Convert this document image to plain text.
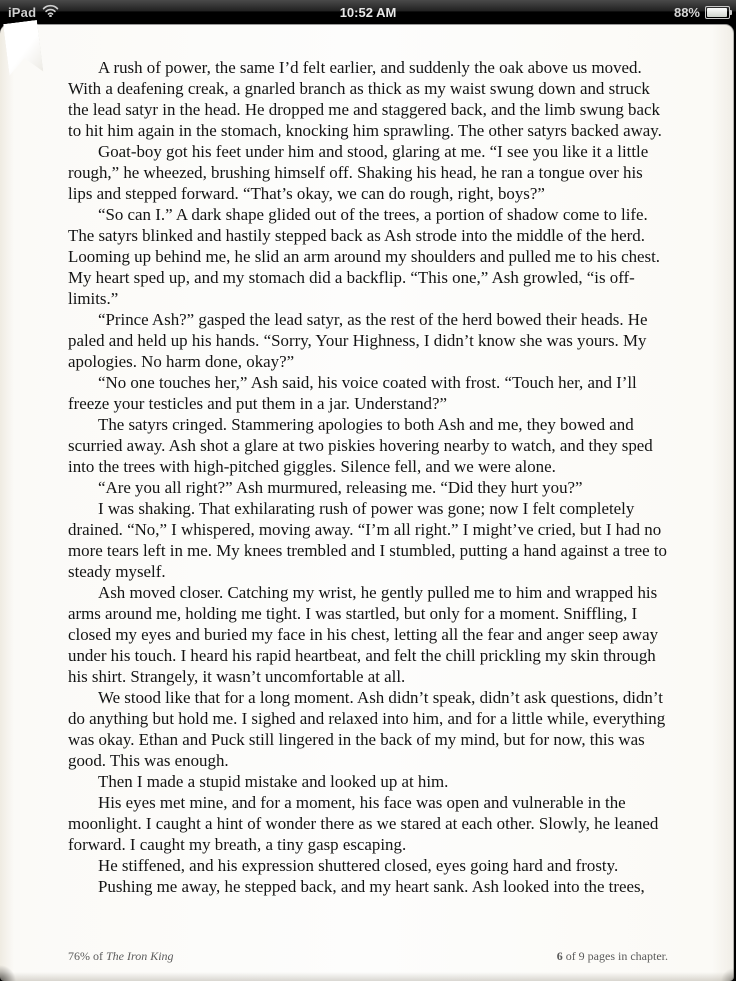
iPad	10:52 AM	88%

A rush of power, the same I’d felt earlier, and suddenly the oak above us moved. With a deafening creak, a gnarled branch as thick as my waist swung down and struck the lead satyr in the head. He dropped me and staggered back, and the limb swung back to hit him again in the stomach, knocking him sprawling. The other satyrs backed away.

Goat-boy got his feet under him and stood, glaring at me. “I see you like it a little rough,” he wheezed, brushing himself off. Shaking his head, he ran a tongue over his lips and stepped forward. “That’s okay, we can do rough, right, boys?”

“So can I.” A dark shape glided out of the trees, a portion of shadow come to life. The satyrs blinked and hastily stepped back as Ash strode into the middle of the herd. Looming up behind me, he slid an arm around my shoulders and pulled me to his chest. My heart sped up, and my stomach did a backflip. “This one,” Ash growled, “is off-limits.”

“Prince Ash?” gasped the lead satyr, as the rest of the herd bowed their heads. He paled and held up his hands. “Sorry, Your Highness, I didn’t know she was yours. My apologies. No harm done, okay?”

“No one touches her,” Ash said, his voice coated with frost. “Touch her, and I’ll freeze your testicles and put them in a jar. Understand?”

The satyrs cringed. Stammering apologies to both Ash and me, they bowed and scurried away. Ash shot a glare at two piskies hovering nearby to watch, and they sped into the trees with high-pitched giggles. Silence fell, and we were alone.

“Are you all right?” Ash murmured, releasing me. “Did they hurt you?”

I was shaking. That exhilarating rush of power was gone; now I felt completely drained. “No,” I whispered, moving away. “I’m all right.” I might’ve cried, but I had no more tears left in me. My knees trembled and I stumbled, putting a hand against a tree to steady myself.

Ash moved closer. Catching my wrist, he gently pulled me to him and wrapped his arms around me, holding me tight. I was startled, but only for a moment. Sniffling, I closed my eyes and buried my face in his chest, letting all the fear and anger seep away under his touch. I heard his rapid heartbeat, and felt the chill prickling my skin through his shirt. Strangely, it wasn’t uncomfortable at all.

We stood like that for a long moment. Ash didn’t speak, didn’t ask questions, didn’t do anything but hold me. I sighed and relaxed into him, and for a little while, everything was okay. Ethan and Puck still lingered in the back of my mind, but for now, this was good. This was enough.

Then I made a stupid mistake and looked up at him.

His eyes met mine, and for a moment, his face was open and vulnerable in the moonlight. I caught a hint of wonder there as we stared at each other. Slowly, he leaned forward. I caught my breath, a tiny gasp escaping.

He stiffened, and his expression shuttered closed, eyes going hard and frosty.

Pushing me away, he stepped back, and my heart sank. Ash looked into the trees,

76% of The Iron King	6 of 9 pages in chapter.
